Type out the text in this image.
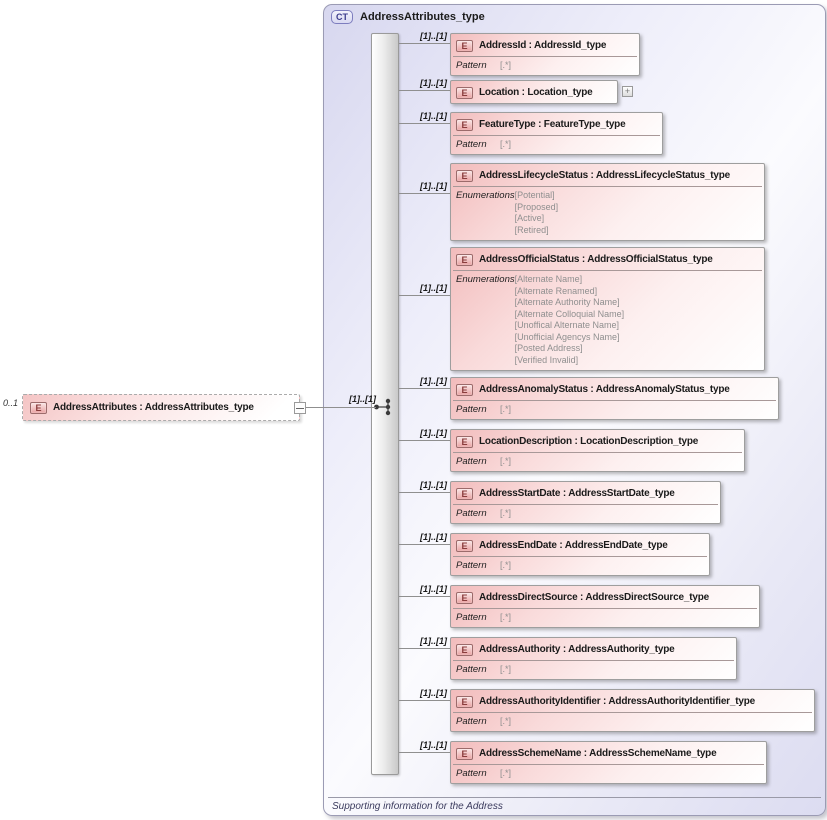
CT	AddressAttributes_type
Supporting information for the Address
0..1	E	AddressAttributes : AddressAttributes_type
[1]..[1]
[1]..[1]
[1]..[1]
[1]..[1]
[1]..[1]
[1]..[1]
[1]..[1]
[1]..[1]
[1]..[1]
[1]..[1]
[1]..[1]
[1]..[1]
[1]..[1]
[1]..[1]
E	AddressId : AddressId_type
Pattern	[.*]
E	Location : Location_type	+
E	FeatureType : FeatureType_type
Pattern	[.*]
E	AddressLifecycleStatus : AddressLifecycleStatus_type
Enumerations [Potential]
[Proposed]
[Active]
[Retired]
E	AddressOfficialStatus : AddressOfficialStatus_type
Enumerations [Alternate Name]
[Alternate Renamed]
[Alternate Authority Name]
[Alternate Colloquial Name]
[Unoffical Alternate Name]
[Unofficial Agencys Name]
[Posted Address]
[Verified Invalid]
E	AddressAnomalyStatus : AddressAnomalyStatus_type
Pattern	[.*]
E	LocationDescription : LocationDescription_type
Pattern	[.*]
E	AddressStartDate : AddressStartDate_type
Pattern	[.*]
E	AddressEndDate : AddressEndDate_type
Pattern	[.*]
E	AddressDirectSource : AddressDirectSource_type
Pattern	[.*]
E	AddressAuthority : AddressAuthority_type
Pattern	[.*]
E	AddressAuthorityIdentifier : AddressAuthorityIdentifier_type
Pattern	[.*]
E	AddressSchemeName : AddressSchemeName_type
Pattern	[.*]
